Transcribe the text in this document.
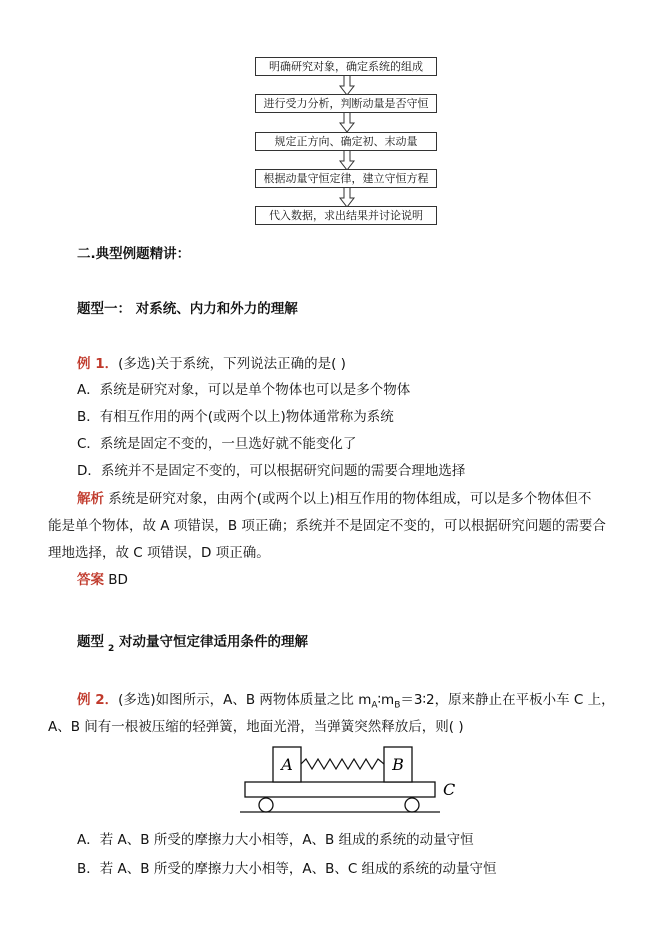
明确研究对象，确定系统的组成
进行受力分析，判断动量是否守恒
规定正方向、确定初、末动量
根据动量守恒定律，建立守恒方程
代入数据，求出结果并讨论说明
二.典型例题精讲：
题型一： 对系统、内力和外力的理解
例 1．(多选)关于系统，下列说法正确的是( )
A．系统是研究对象，可以是单个物体也可以是多个物体
B．有相互作用的两个(或两个以上)物体通常称为系统
C．系统是固定不变的，一旦选好就不能变化了
D．系统并不是固定不变的，可以根据研究问题的需要合理地选择
解析 系统是研究对象，由两个(或两个以上)相互作用的物体组成，可以是多个物体但不
能是单个物体，故 A 项错误，B 项正确；系统并不是固定不变的，可以根据研究问题的需要合
理地选择，故 C 项错误，D 项正确。
答案 BD
题型 $_2$ 对动量守恒定律适用条件的理解
例 2．(多选)如图所示，A、B 两物体质量之比 $m_A∶m_B=3∶2$，原来静止在平板小车 C 上，
A、B 间有一根被压缩的轻弹簧，地面光滑，当弹簧突然释放后，则( )
A	B
C
A．若 A、B 所受的摩擦力大小相等，A、B 组成的系统的动量守恒
B．若 A、B 所受的摩擦力大小相等，A、B、C 组成的系统的动量守恒
